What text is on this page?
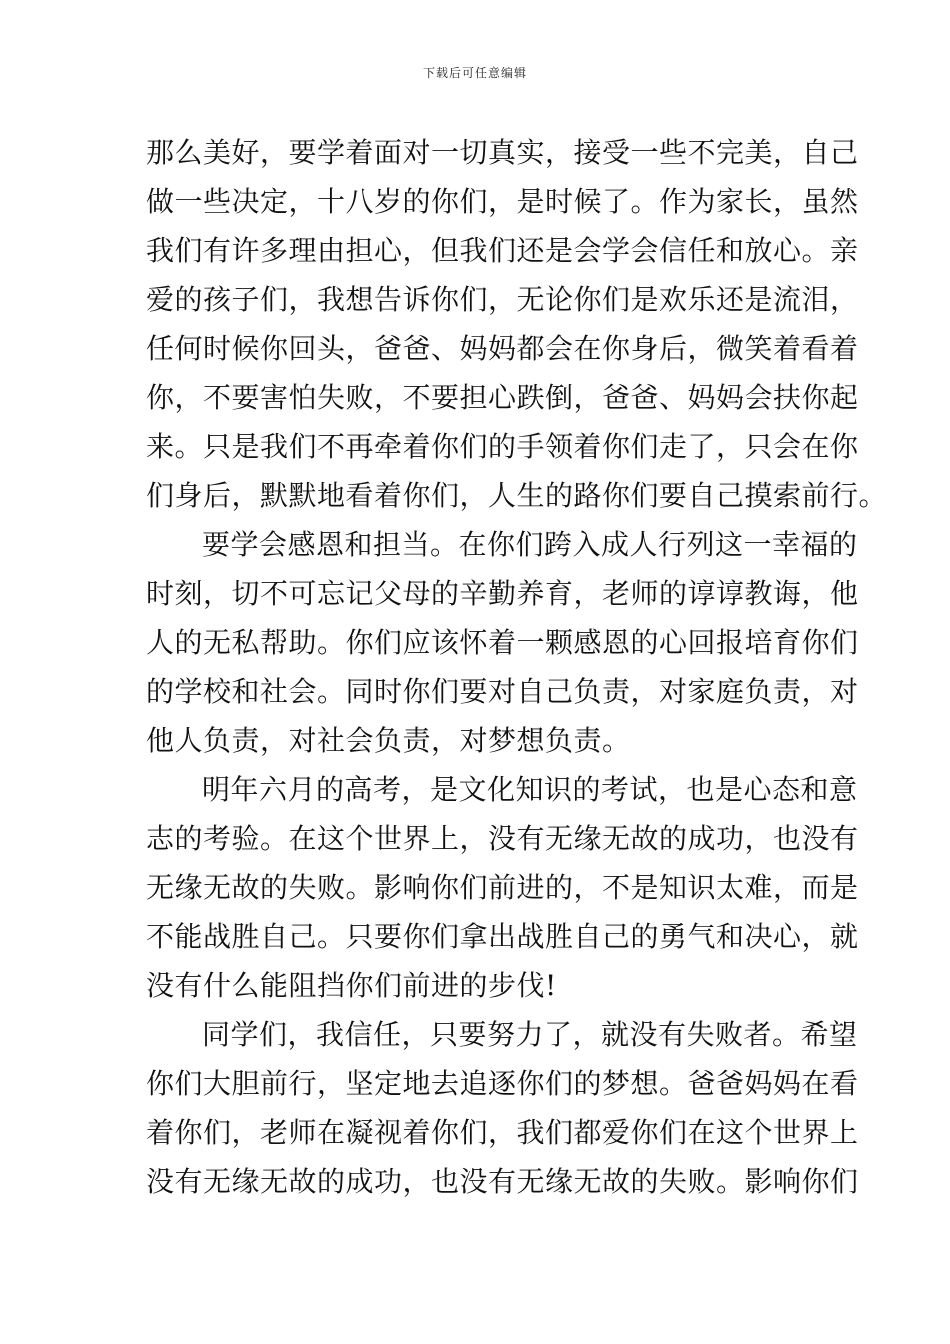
下载后可任意编辑
那么美好，要学着面对一切真实，接受一些不完美，自己
做一些决定，十八岁的你们，是时候了。作为家长，虽然
我们有许多理由担心，但我们还是会学会信任和放心。亲
爱的孩子们，我想告诉你们，无论你们是欢乐还是流泪，
任何时候你回头，爸爸、妈妈都会在你身后，微笑着看着
你，不要害怕失败，不要担心跌倒，爸爸、妈妈会扶你起
来。只是我们不再牵着你们的手领着你们走了，只会在你
们身后，默默地看着你们，人生的路你们要自己摸索前行。
要学会感恩和担当。在你们跨入成人行列这一幸福的
时刻，切不可忘记父母的辛勤养育，老师的谆谆教诲，他
人的无私帮助。你们应该怀着一颗感恩的心回报培育你们
的学校和社会。同时你们要对自己负责，对家庭负责，对
他人负责，对社会负责，对梦想负责。
明年六月的高考，是文化知识的考试，也是心态和意
志的考验。在这个世界上，没有无缘无故的成功，也没有
无缘无故的失败。影响你们前进的，不是知识太难，而是
不能战胜自己。只要你们拿出战胜自己的勇气和决心，就
没有什么能阻挡你们前进的步伐!
同学们，我信任，只要努力了，就没有失败者。希望
你们大胆前行，坚定地去追逐你们的梦想。爸爸妈妈在看
着你们，老师在凝视着你们，我们都爱你们在这个世界上
没有无缘无故的成功，也没有无缘无故的失败。影响你们
